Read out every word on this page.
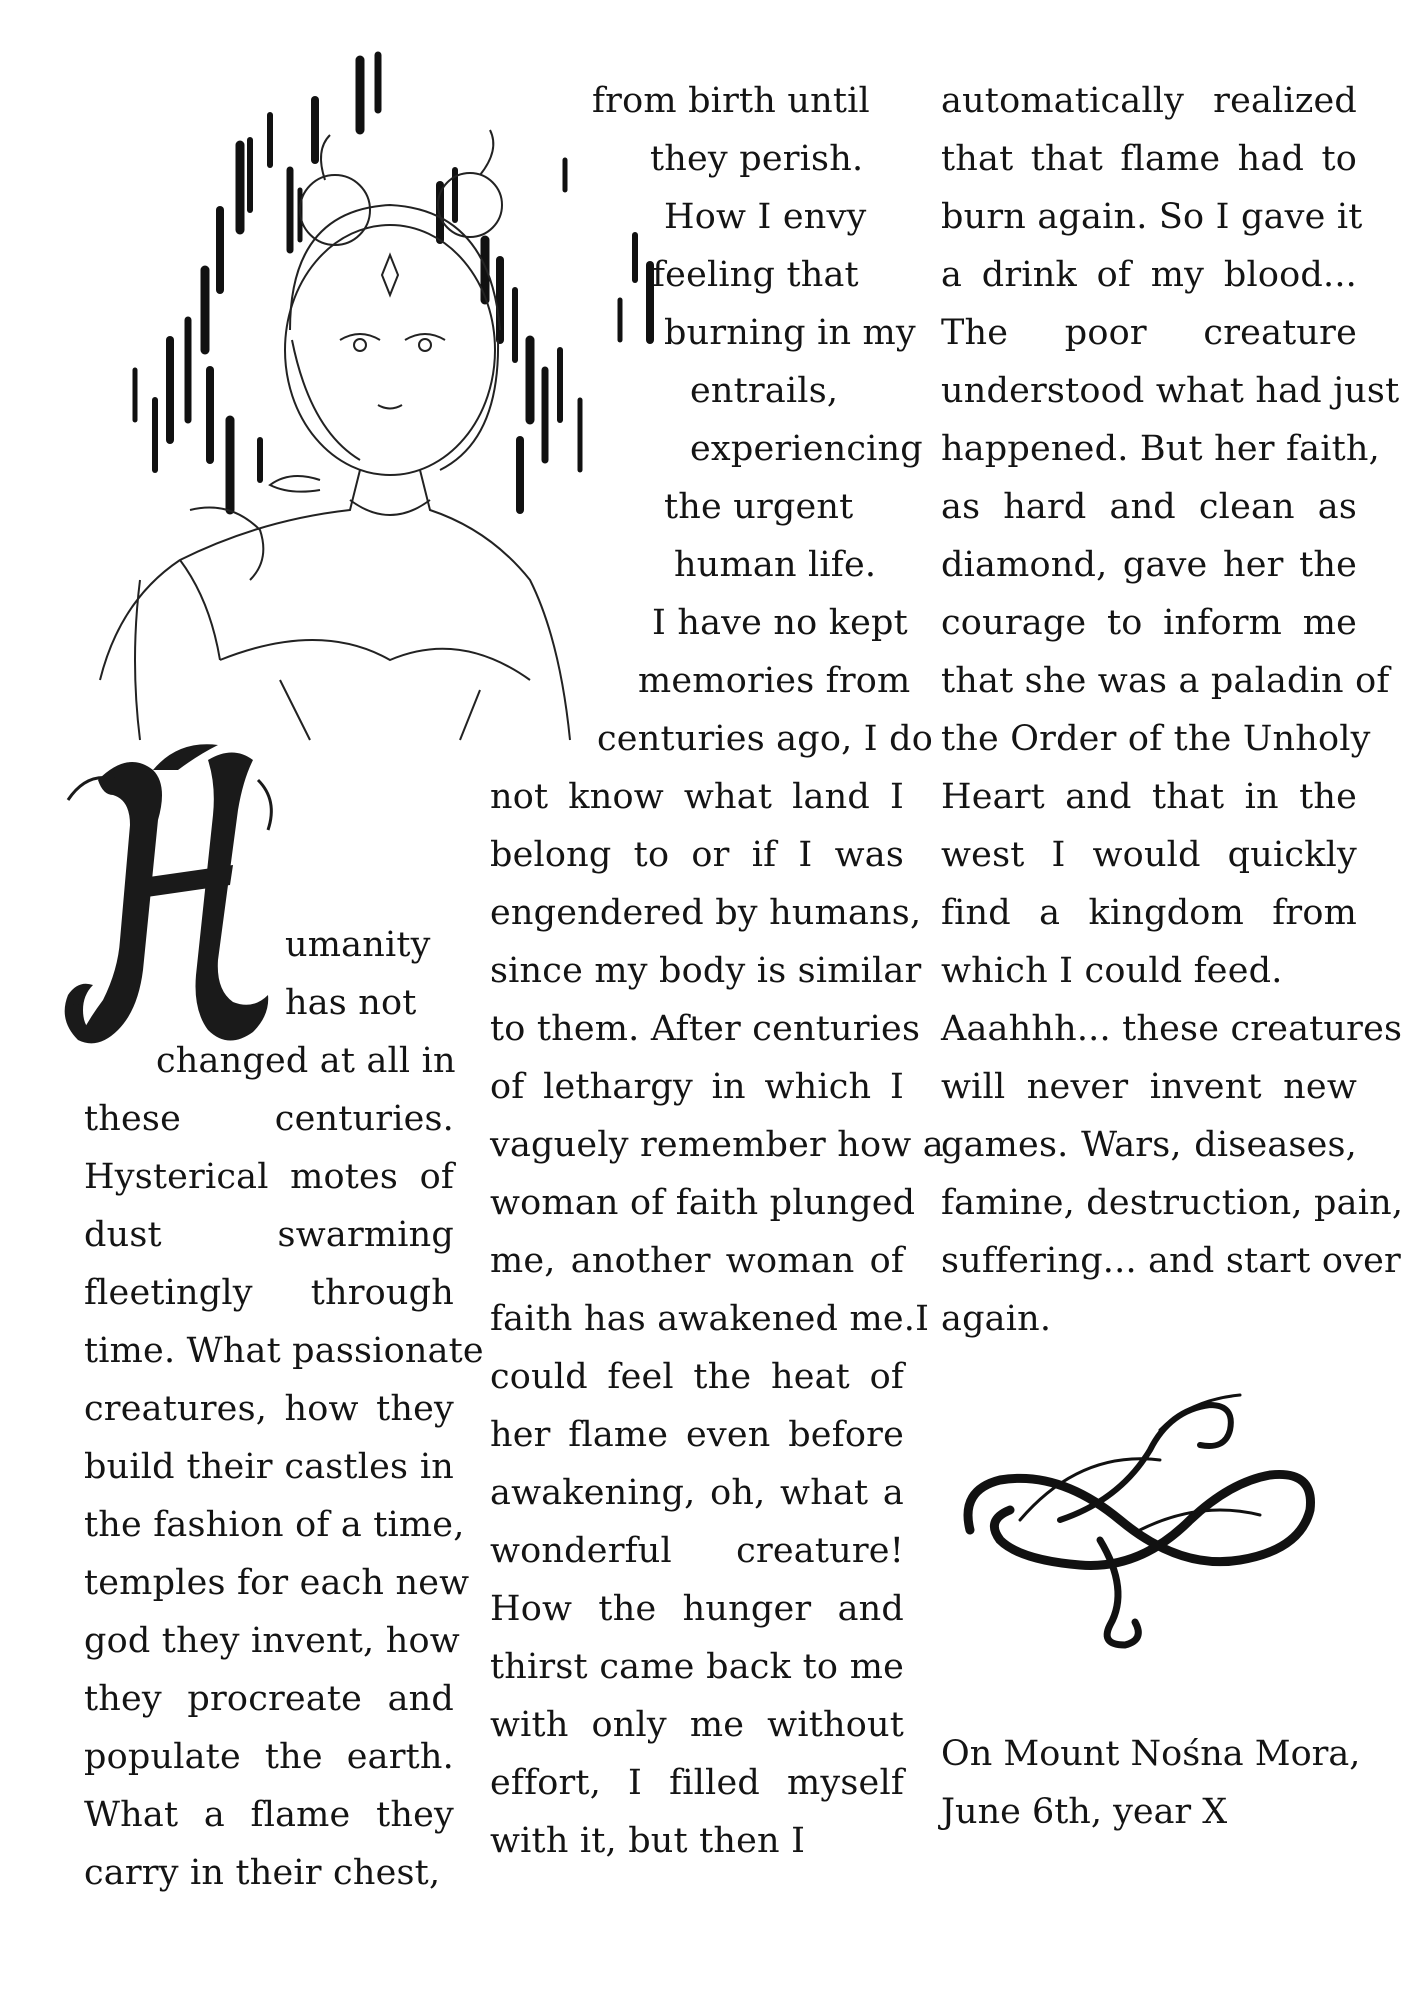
umanity

has not

changed at all in

these centuries.

Hysterical motes of

dust swarming

fleetingly through

time. What passionate

creatures, how they

build their castles in

the fashion of a time,

temples for each new

god they invent, how

they procreate and

populate the earth.

What a flame they

carry in their chest,

from birth until

they perish.

How I envy

feeling that

burning in my

entrails,

experiencing

the urgent

human life.

I have no kept

memories from

centuries ago, I do

not know what land I

belong to or if I was

engendered by humans,

since my body is similar

to them. After centuries

of lethargy in which I

vaguely remember how a

woman of faith plunged

me, another woman of

faith has awakened me.I

could feel the heat of

her flame even before

awakening, oh, what a

wonderful creature!

How the hunger and

thirst came back to me

with only me without

effort, I filled myself

with it, but then I

automatically realized

that that flame had to

burn again. So I gave it

a drink of my blood...

The poor creature

understood what had just

happened. But her faith,

as hard and clean as

diamond, gave her the

courage to inform me

that she was a paladin of

the Order of the Unholy

Heart and that in the

west I would quickly

find a kingdom from

which I could feed.

Aaahhh... these creatures

will never invent new

games. Wars, diseases,

famine, destruction, pain,

suffering... and start over

again.

On Mount Nośna Mora,

June 6th, year X
